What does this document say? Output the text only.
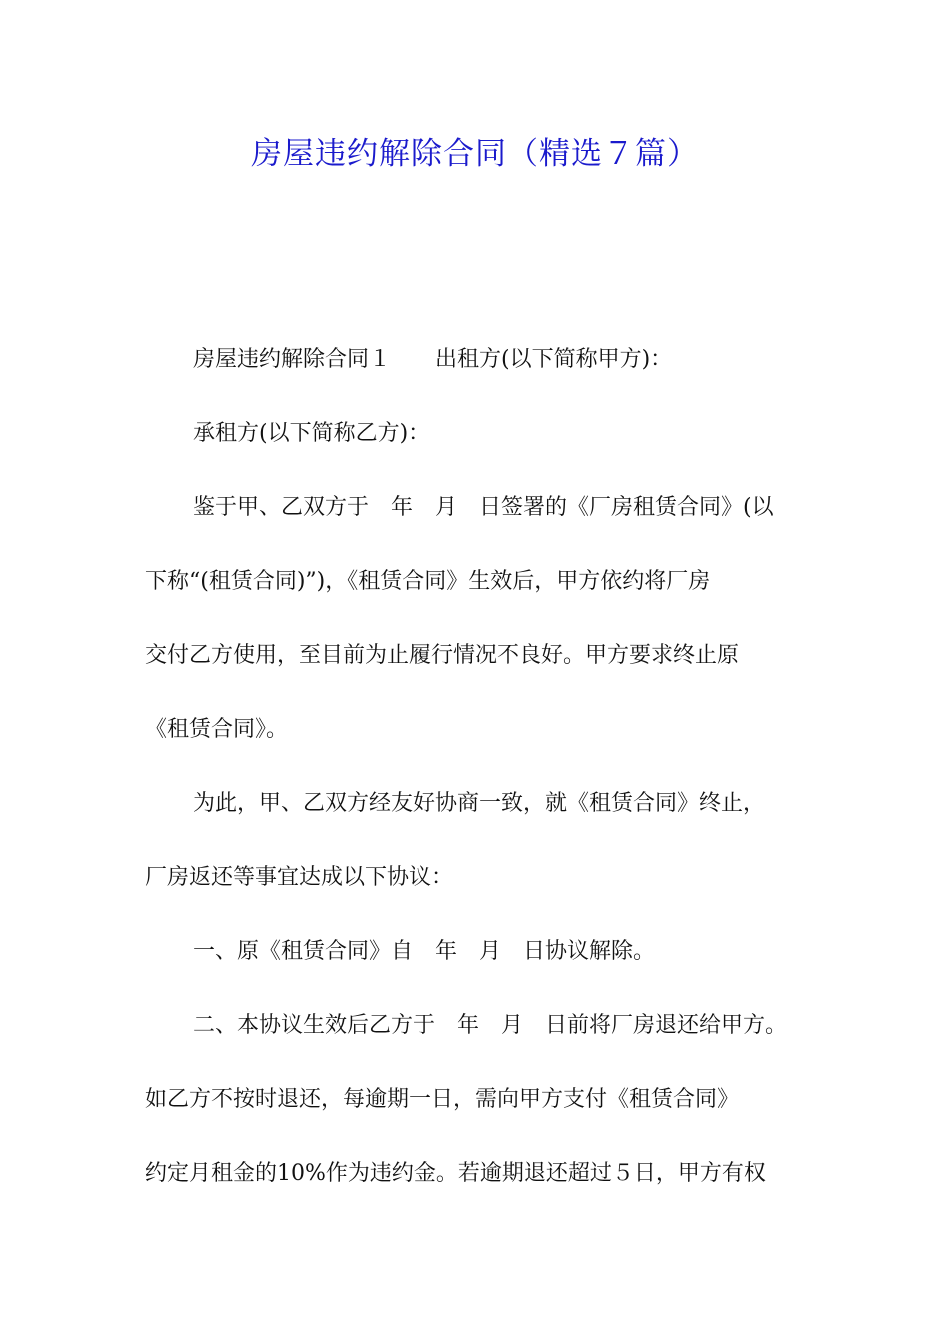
房屋违约解除合同（精选７篇）
房屋违约解除合同１　　出租方(以下简称甲方)：
承租方(以下简称乙方)：
鉴于甲、乙双方于　年　月　日签署的《厂房租赁合同》(以
下称“(租赁合同)”)，《租赁合同》生效后，甲方依约将厂房
交付乙方使用，至目前为止履行情况不良好。甲方要求终止原
《租赁合同》。
为此，甲、乙双方经友好协商一致，就《租赁合同》终止，
厂房返还等事宜达成以下协议：
一、原《租赁合同》自　年　月　日协议解除。
二、本协议生效后乙方于　年　月　日前将厂房退还给甲方。
如乙方不按时退还，每逾期一日，需向甲方支付《租赁合同》
约定月租金的10%作为违约金。若逾期退还超过５日，甲方有权
